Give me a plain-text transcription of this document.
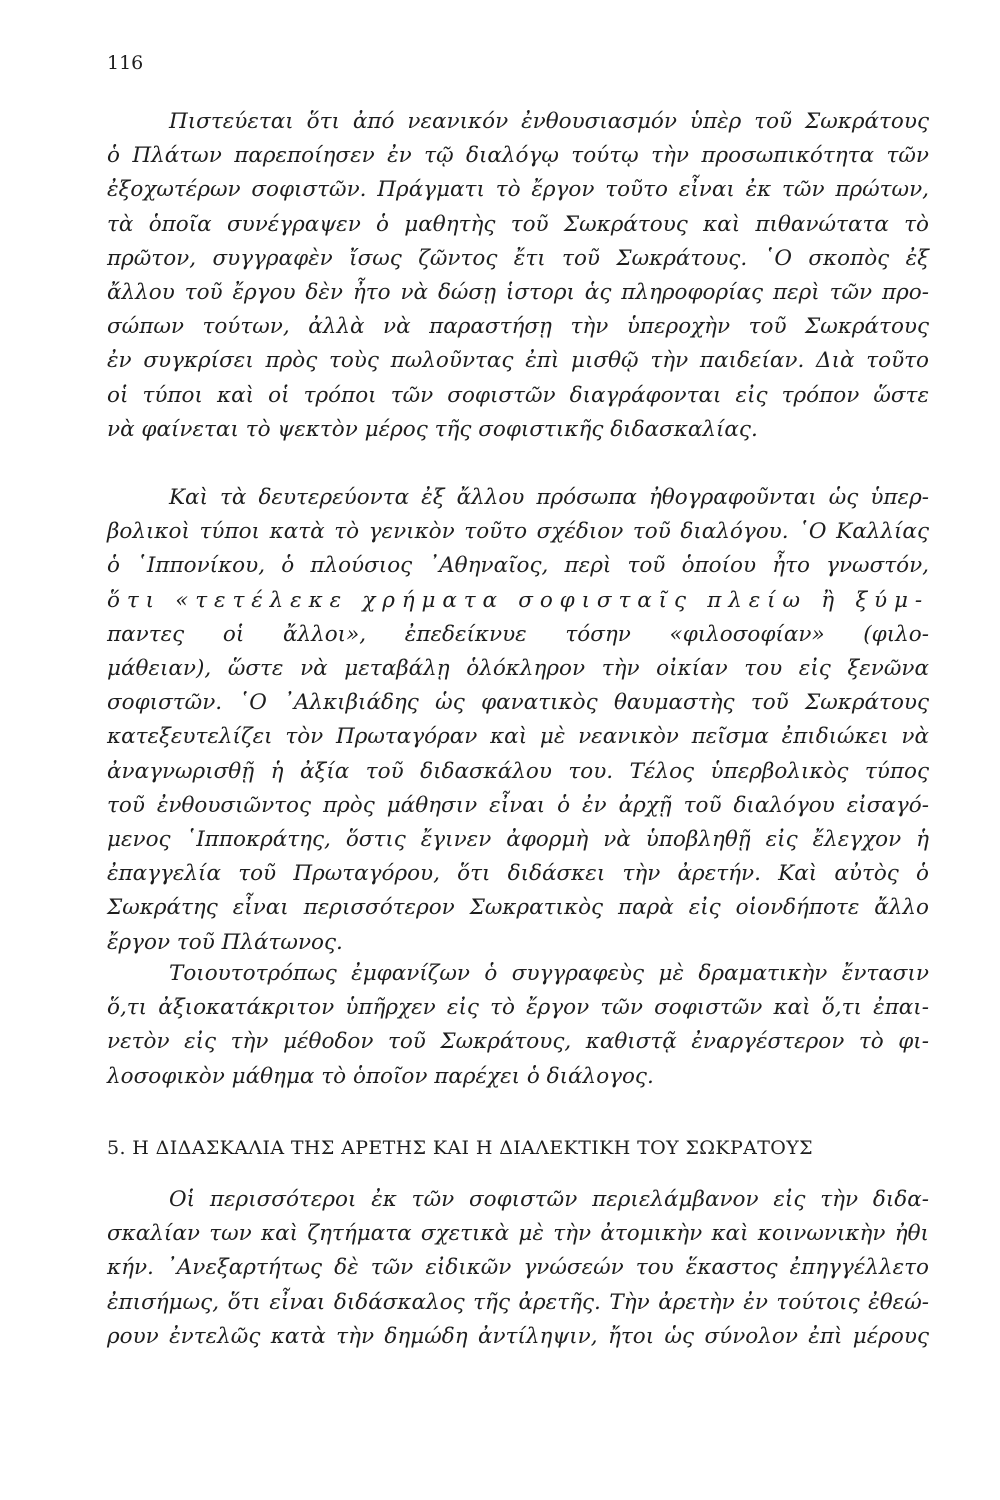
116
Πιστεύεται ὅτι ἀπό νεανικόν ἐνθουσιασμόν ὑπὲρ τοῦ Σωκράτους
ὁ Πλάτων παρεποίησεν ἐν τῷ διαλόγῳ τούτῳ τὴν προσωπικότητα τῶν
ἐξοχωτέρων σοφιστῶν. Πράγματι τὸ ἔργον τοῦτο εἶναι ἐκ τῶν πρώτων,
τὰ ὁποῖα συνέγραψεν ὁ μαθητὴς τοῦ Σωκράτους καὶ πιθανώτατα τὸ
πρῶτον, συγγραφὲν ἴσως ζῶντος ἔτι τοῦ Σωκράτους. ῾Ο σκοπὸς ἐξ
ἄλλου τοῦ ἔργου δὲν ἦτο νὰ δώσῃ ἱστορι ἁς πληροφορίας περὶ τῶν προ-
σώπων τούτων, ἀλλὰ νὰ παραστήσῃ τὴν ὑπεροχὴν τοῦ Σωκράτους
ἐν συγκρίσει πρὸς τοὺς πωλοῦντας ἐπὶ μισθῷ τὴν παιδείαν. Διὰ τοῦτο
οἱ τύποι καὶ οἱ τρόποι τῶν σοφιστῶν διαγράφονται εἰς τρόπον ὥστε
νὰ φαίνεται τὸ ψεκτὸν μέρος τῆς σοφιστικῆς διδασκαλίας.
Καὶ τὰ δευτερεύοντα ἐξ ἄλλου πρόσωπα ἠθογραφοῦνται ὡς ὑπερ-
βολικοὶ τύποι κατὰ τὸ γενικὸν τοῦτο σχέδιον τοῦ διαλόγου. ῾Ο Καλλίας
ὁ ῾Ιππονίκου, ὁ πλούσιος ᾿Αθηναῖος, περὶ τοῦ ὁποίου ἦτο γνωστόν,
ὅτι «τετέλεκε χρήματα σοφισταῖς πλείω ἢ ξύμ-
παντες οἱ ἄλλοι», ἐπεδείκνυε τόσην «φιλοσοφίαν» (φιλο-
μάθειαν), ὥστε νὰ μεταβάλῃ ὁλόκληρον τὴν οἰκίαν του εἰς ξενῶνα
σοφιστῶν. ῾Ο ᾿Αλκιβιάδης ὡς φανατικὸς θαυμαστὴς τοῦ Σωκράτους
κατεξευτελίζει τὸν Πρωταγόραν καὶ μὲ νεανικὸν πεῖσμα ἐπιδιώκει νὰ
ἀναγνωρισθῇ ἡ ἀξία τοῦ διδασκάλου του. Τέλος ὑπερβολικὸς τύπος
τοῦ ἐνθουσιῶντος πρὸς μάθησιν εἶναι ὁ ἐν ἀρχῇ τοῦ διαλόγου εἰσαγό-
μενος ῾Ιπποκράτης, ὅστις ἔγινεν ἀφορμὴ νὰ ὑποβληθῇ εἰς ἔλεγχον ἡ
ἐπαγγελία τοῦ Πρωταγόρου, ὅτι διδάσκει τὴν ἀρετήν. Καὶ αὐτὸς ὁ
Σωκράτης εἶναι περισσότερον Σωκρατικὸς παρὰ εἰς οἱονδήποτε ἄλλο
ἔργον τοῦ Πλάτωνος.
Τοιουτοτρόπως ἐμφανίζων ὁ συγγραφεὺς μὲ δραματικὴν ἔντασιν
ὅ,τι ἀξιοκατάκριτον ὑπῆρχεν εἰς τὸ ἔργον τῶν σοφιστῶν καὶ ὅ,τι ἐπαι-
νετὸν εἰς τὴν μέθοδον τοῦ Σωκράτους, καθιστᾷ ἐναργέστερον τὸ φι-
λοσοφικὸν μάθημα τὸ ὁποῖον παρέχει ὁ διάλογος.
5. Η ΔΙΔΑΣΚΑΛΙΑ ΤΗΣ ΑΡΕΤΗΣ ΚΑΙ Η ΔΙΑΛΕΚΤΙΚΗ ΤΟΥ ΣΩΚΡΑΤΟΥΣ
Οἱ περισσότεροι ἐκ τῶν σοφιστῶν περιελάμβανον εἰς τὴν διδα-
σκαλίαν των καὶ ζητήματα σχετικὰ μὲ τὴν ἀτομικὴν καὶ κοινωνικὴν ἠθι
κήν. ᾿Ανεξαρτήτως δὲ τῶν εἰδικῶν γνώσεών του ἕκαστος ἐπηγγέλλετο
ἐπισήμως, ὅτι εἶναι διδάσκαλος τῆς ἀρετῆς. Τὴν ἀρετὴν ἐν τούτοις ἐθεώ-
ρουν ἐντελῶς κατὰ τὴν δημώδη ἀντίληψιν, ἤτοι ὡς σύνολον ἐπὶ μέρους
